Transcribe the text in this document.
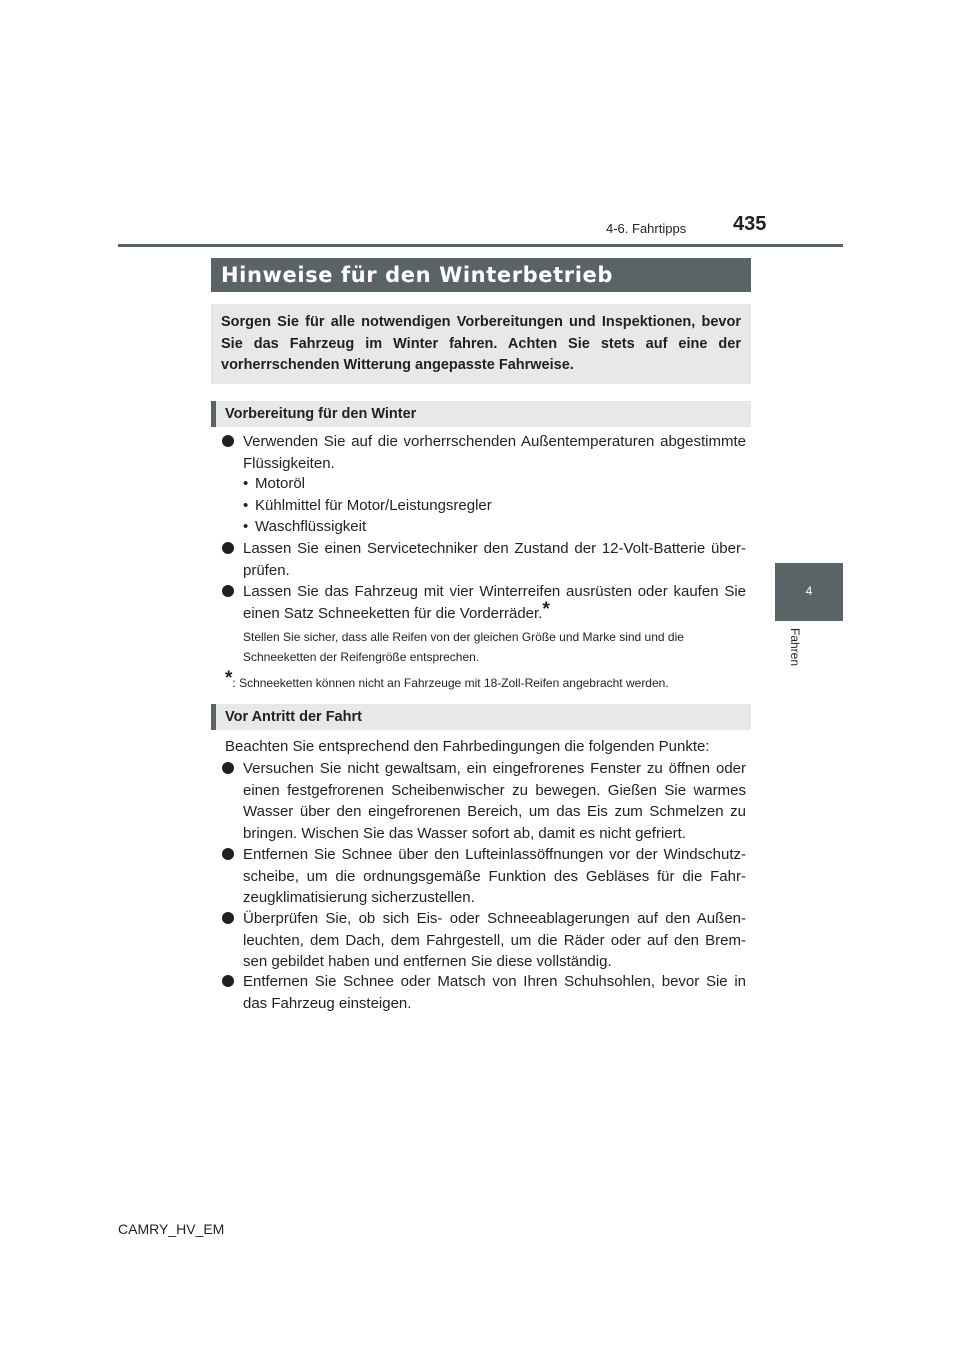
4-6. Fahrtipps 435
4
Fahren
Hinweise für den Winterbetrieb
Sorgen Sie für alle notwendigen Vorbereitungen und Inspektionen, bevor Sie das Fahrzeug im Winter fahren. Achten Sie stets auf eine der vorherrschenden Witterung angepasste Fahrweise.
Vorbereitung für den Winter
Verwenden Sie auf die vorherrschenden Außentemperaturen abgestimmte Flüssigkeiten.
• Motoröl
• Kühlmittel für Motor/Leistungsregler
• Waschflüssigkeit
Lassen Sie einen Servicetechniker den Zustand der 12-Volt-Batterie über-prüfen.
Lassen Sie das Fahrzeug mit vier Winterreifen ausrüsten oder kaufen Sie einen Satz Schneeketten für die Vorderräder.*
Stellen Sie sicher, dass alle Reifen von der gleichen Größe und Marke sind und die Schneeketten der Reifengröße entsprechen.
*: Schneeketten können nicht an Fahrzeuge mit 18-Zoll-Reifen angebracht werden.
Vor Antritt der Fahrt
Beachten Sie entsprechend den Fahrbedingungen die folgenden Punkte:
Versuchen Sie nicht gewaltsam, ein eingefrorenes Fenster zu öffnen oder einen festgefrorenen Scheibenwischer zu bewegen. Gießen Sie warmes Wasser über den eingefrorenen Bereich, um das Eis zum Schmelzen zu bringen. Wischen Sie das Wasser sofort ab, damit es nicht gefriert.
Entfernen Sie Schnee über den Lufteinlassöffnungen vor der Windschutz-scheibe, um die ordnungsgemäße Funktion des Gebläses für die Fahr-zeugklimatisierung sicherzustellen.
Überprüfen Sie, ob sich Eis- oder Schneeablagerungen auf den Außen-leuchten, dem Dach, dem Fahrgestell, um die Räder oder auf den Brem-sen gebildet haben und entfernen Sie diese vollständig.
Entfernen Sie Schnee oder Matsch von Ihren Schuhsohlen, bevor Sie in das Fahrzeug einsteigen.
CAMRY_HV_EM
